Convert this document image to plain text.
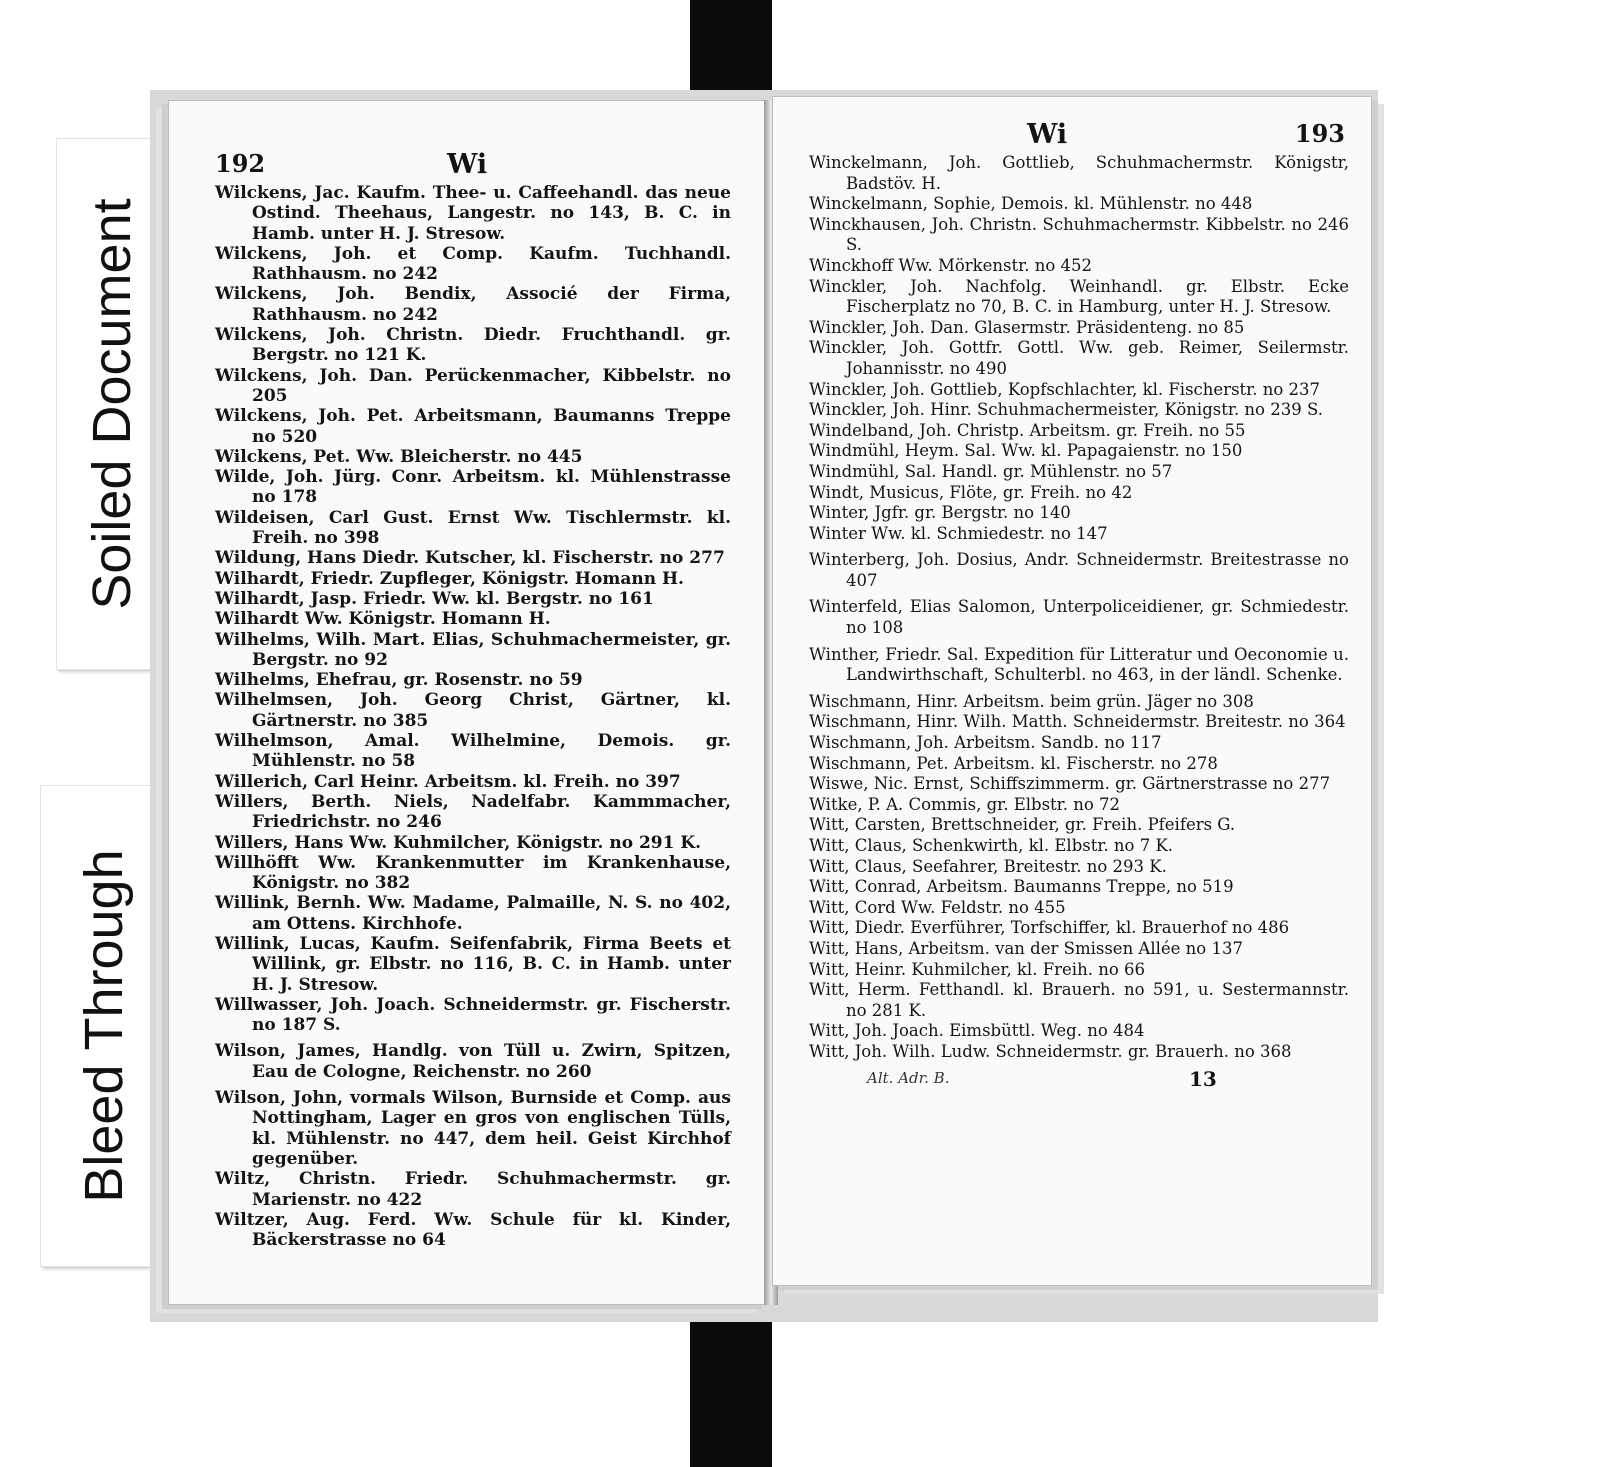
Soiled Document
Bleed Through
192	Wi
Wilckens, Jac. Kaufm. Thee- u. Caffeehandl. das neue Ostind. Theehaus, Langestr. no 143, B. C. in Hamb. unter H. J. Stresow.
Wilckens, Joh. et Comp. Kaufm. Tuchhandl. Rathhausm. no 242
Wilckens, Joh. Bendix, Associé der Firma, Rathhausm. no 242
Wilckens, Joh. Christn. Diedr. Fruchthandl. gr. Bergstr. no 121 K.
Wilckens, Joh. Dan. Perückenmacher, Kibbelstr. no 205
Wilckens, Joh. Pet. Arbeitsmann, Baumanns Treppe no 520
Wilckens, Pet. Ww. Bleicherstr. no 445
Wilde, Joh. Jürg. Conr. Arbeitsm. kl. Mühlenstrasse no 178
Wildeisen, Carl Gust. Ernst Ww. Tischlermstr. kl. Freih. no 398
Wildung, Hans Diedr. Kutscher, kl. Fischerstr. no 277
Wilhardt, Friedr. Zupfleger, Königstr. Homann H.
Wilhardt, Jasp. Friedr. Ww. kl. Bergstr. no 161
Wilhardt Ww. Königstr. Homann H.
Wilhelms, Wilh. Mart. Elias, Schuhmachermeister, gr. Bergstr. no 92
Wilhelms, Ehefrau, gr. Rosenstr. no 59
Wilhelmsen, Joh. Georg Christ, Gärtner, kl. Gärtnerstr. no 385
Wilhelmson, Amal. Wilhelmine, Demois. gr. Mühlenstr. no 58
Willerich, Carl Heinr. Arbeitsm. kl. Freih. no 397
Willers, Berth. Niels, Nadelfabr. Kammmacher, Friedrichstr. no 246
Willers, Hans Ww. Kuhmilcher, Königstr. no 291 K.
Willhöfft Ww. Krankenmutter im Krankenhause, Königstr. no 382
Willink, Bernh. Ww. Madame, Palmaille, N. S. no 402, am Ottens. Kirchhofe.
Willink, Lucas, Kaufm. Seifenfabrik, Firma Beets et Willink, gr. Elbstr. no 116, B. C. in Hamb. unter H. J. Stresow.
Willwasser, Joh. Joach. Schneidermstr. gr. Fischerstr. no 187 S.
Wilson, James, Handlg. von Tüll u. Zwirn, Spitzen, Eau de Cologne, Reichenstr. no 260
Wilson, John, vormals Wilson, Burnside et Comp. aus Nottingham, Lager en gros von englischen Tülls, kl. Mühlenstr. no 447, dem heil. Geist Kirchhof gegenüber.
Wiltz, Christn. Friedr. Schuhmachermstr. gr. Marienstr. no 422
Wiltzer, Aug. Ferd. Ww. Schule für kl. Kinder, Bäckerstrasse no 64
Wi	193
Winckelmann, Joh. Gottlieb, Schuhmachermstr. Königstr, Badstöv. H.
Winckelmann, Sophie, Demois. kl. Mühlenstr. no 448
Winckhausen, Joh. Christn. Schuhmachermstr. Kibbelstr. no 246 S.
Winckhoff Ww. Mörkenstr. no 452
Winckler, Joh. Nachfolg. Weinhandl. gr. Elbstr. Ecke Fischerplatz no 70, B. C. in Hamburg, unter H. J. Stresow.
Winckler, Joh. Dan. Glasermstr. Präsidenteng. no 85
Winckler, Joh. Gottfr. Gottl. Ww. geb. Reimer, Seilermstr. Johannisstr. no 490
Winckler, Joh. Gottlieb, Kopfschlachter, kl. Fischerstr. no 237
Winckler, Joh. Hinr. Schuhmachermeister, Königstr. no 239 S.
Windelband, Joh. Christp. Arbeitsm. gr. Freih. no 55
Windmühl, Heym. Sal. Ww. kl. Papagaienstr. no 150
Windmühl, Sal. Handl. gr. Mühlenstr. no 57
Windt, Musicus, Flöte, gr. Freih. no 42
Winter, Jgfr. gr. Bergstr. no 140
Winter Ww. kl. Schmiedestr. no 147
Winterberg, Joh. Dosius, Andr. Schneidermstr. Breitestrasse no 407
Winterfeld, Elias Salomon, Unterpoliceidiener, gr. Schmiedestr. no 108
Winther, Friedr. Sal. Expedition für Litteratur und Oeconomie u. Landwirthschaft, Schulterbl. no 463, in der ländl. Schenke.
Wischmann, Hinr. Arbeitsm. beim grün. Jäger no 308
Wischmann, Hinr. Wilh. Matth. Schneidermstr. Breitestr. no 364
Wischmann, Joh. Arbeitsm. Sandb. no 117
Wischmann, Pet. Arbeitsm. kl. Fischerstr. no 278
Wiswe, Nic. Ernst, Schiffszimmerm. gr. Gärtnerstrasse no 277
Witke, P. A. Commis, gr. Elbstr. no 72
Witt, Carsten, Brettschneider, gr. Freih. Pfeifers G.
Witt, Claus, Schenkwirth, kl. Elbstr. no 7 K.
Witt, Claus, Seefahrer, Breitestr. no 293 K.
Witt, Conrad, Arbeitsm. Baumanns Treppe, no 519
Witt, Cord Ww. Feldstr. no 455
Witt, Diedr. Everführer, Torfschiffer, kl. Brauerhof no 486
Witt, Hans, Arbeitsm. van der Smissen Allée no 137
Witt, Heinr. Kuhmilcher, kl. Freih. no 66
Witt, Herm. Fetthandl. kl. Brauerh. no 591, u. Sestermannstr. no 281 K.
Witt, Joh. Joach. Eimsbüttl. Weg. no 484
Witt, Joh. Wilh. Ludw. Schneidermstr. gr. Brauerh. no 368
Alt. Adr. B.	13
